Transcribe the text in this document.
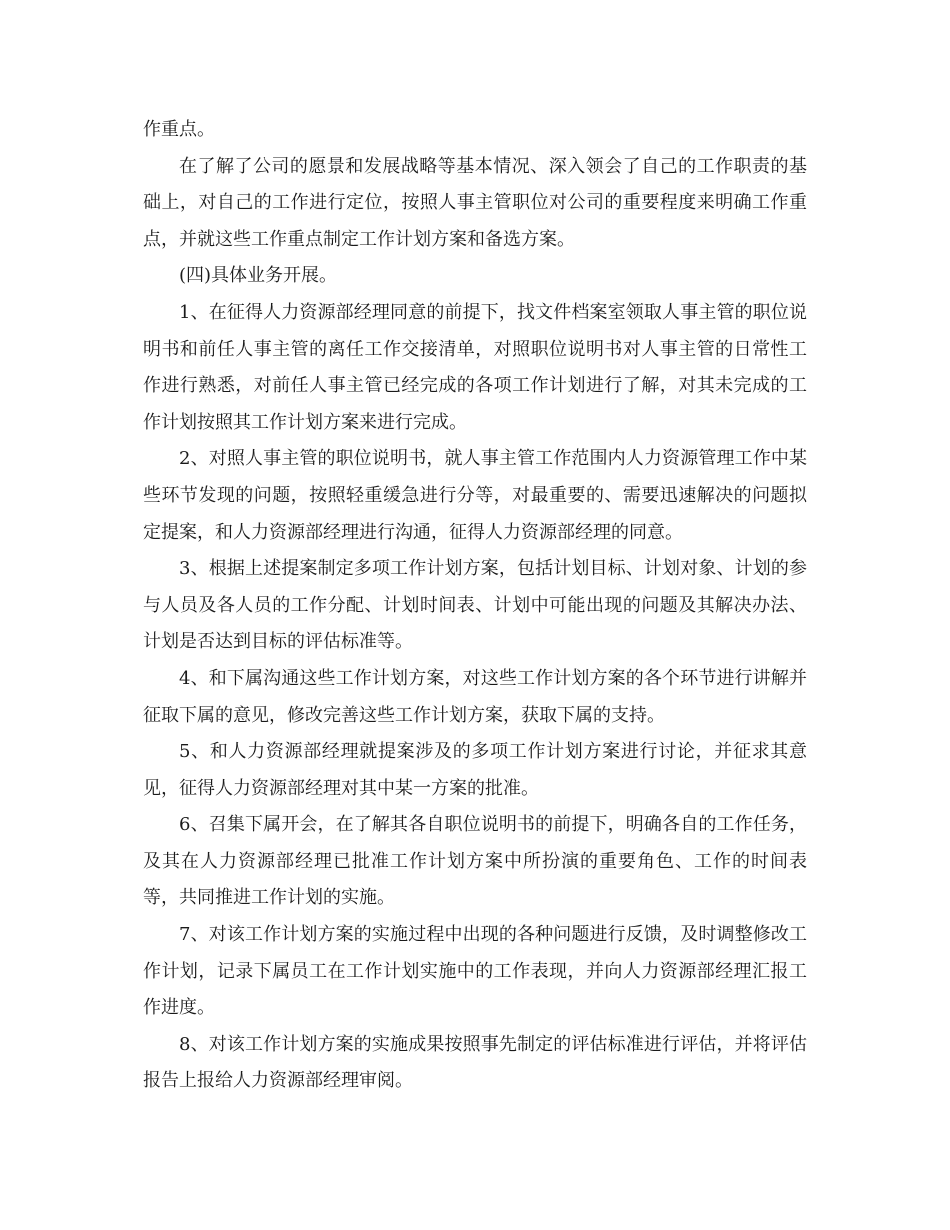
作重点。

在了解了公司的愿景和发展战略等基本情况、深入领会了自己的工作职责的基础上，对自己的工作进行定位，按照人事主管职位对公司的重要程度来明确工作重点，并就这些工作重点制定工作计划方案和备选方案。

(四)具体业务开展。

1、在征得人力资源部经理同意的前提下，找文件档案室领取人事主管的职位说明书和前任人事主管的离任工作交接清单，对照职位说明书对人事主管的日常性工作进行熟悉，对前任人事主管已经完成的各项工作计划进行了解，对其未完成的工作计划按照其工作计划方案来进行完成。

2、对照人事主管的职位说明书，就人事主管工作范围内人力资源管理工作中某些环节发现的问题，按照轻重缓急进行分等，对最重要的、需要迅速解决的问题拟定提案，和人力资源部经理进行沟通，征得人力资源部经理的同意。

3、根据上述提案制定多项工作计划方案，包括计划目标、计划对象、计划的参与人员及各人员的工作分配、计划时间表、计划中可能出现的问题及其解决办法、计划是否达到目标的评估标准等。

4、和下属沟通这些工作计划方案，对这些工作计划方案的各个环节进行讲解并征取下属的意见，修改完善这些工作计划方案，获取下属的支持。

5、和人力资源部经理就提案涉及的多项工作计划方案进行讨论，并征求其意见，征得人力资源部经理对其中某一方案的批准。

6、召集下属开会，在了解其各自职位说明书的前提下，明确各自的工作任务，及其在人力资源部经理已批准工作计划方案中所扮演的重要角色、工作的时间表等，共同推进工作计划的实施。

7、对该工作计划方案的实施过程中出现的各种问题进行反馈，及时调整修改工作计划，记录下属员工在工作计划实施中的工作表现，并向人力资源部经理汇报工作进度。

8、对该工作计划方案的实施成果按照事先制定的评估标准进行评估，并将评估报告上报给人力资源部经理审阅。
